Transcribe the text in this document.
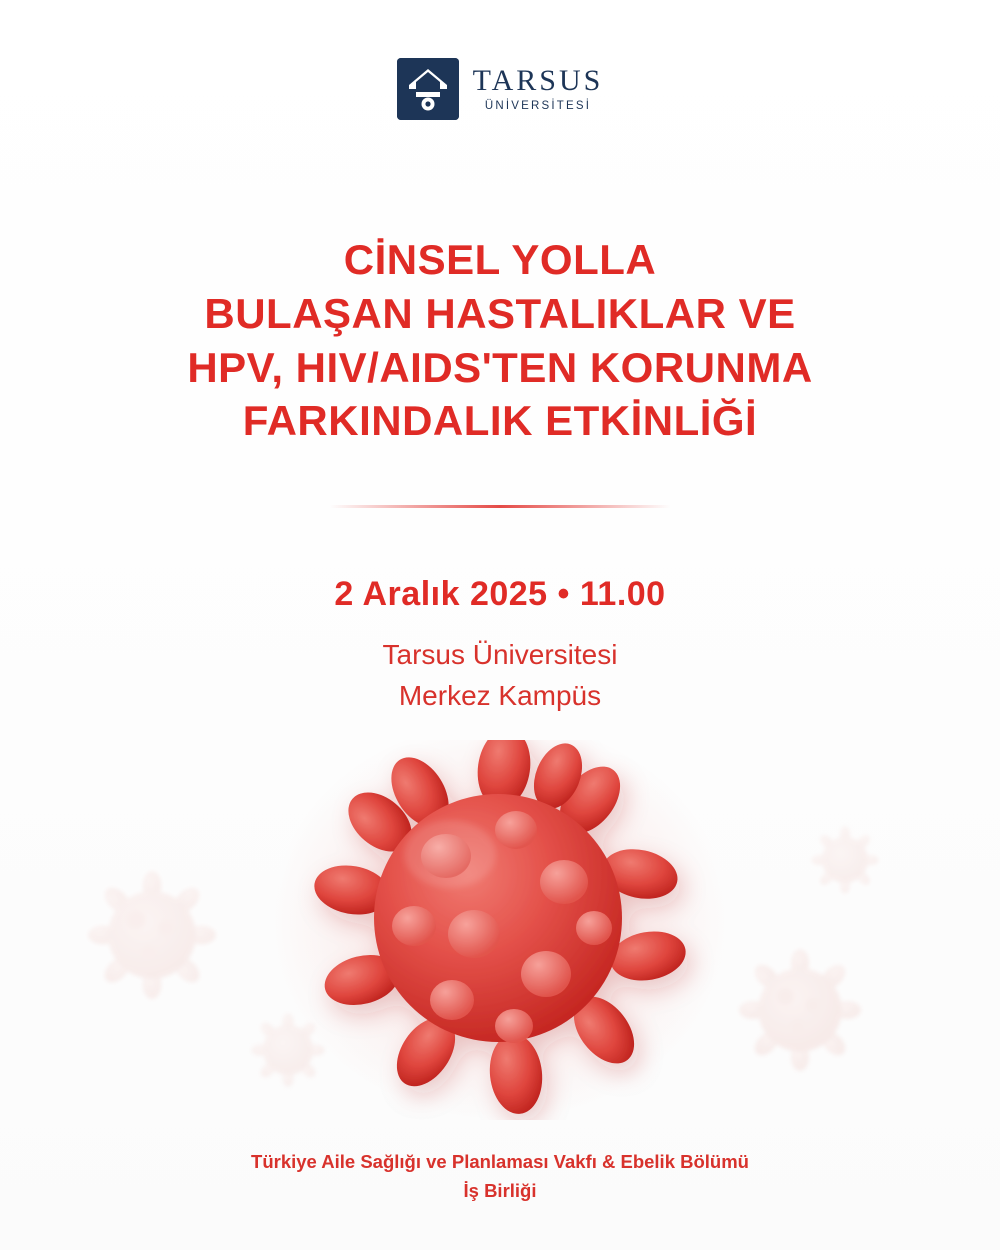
TARSUS
ÜNİVERSİTESİ
CİNSEL YOLLA
BULAŞAN HASTALIKLAR VE
HPV, HIV/AIDS'TEN KORUNMA
FARKINDALIK ETKİNLİĞİ
2 Aralık 2025 • 11.00
Tarsus Üniversitesi
Merkez Kampüs
Türkiye Aile Sağlığı ve Planlaması Vakfı & Ebelik Bölümü
İş Birliği
